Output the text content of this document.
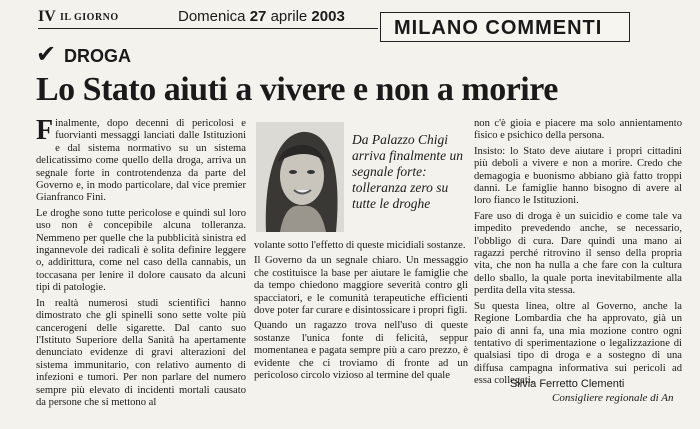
IV IL GIORNO	Domenica 27 aprile 2003
MILANO COMMENTI
✔ DROGA
Lo Stato aiuti a vivere e non a morire

Finalmente, dopo decenni di pericolosi e fuorvianti messaggi lanciati dalle Istituzioni e dal sistema normativo su un sistema delicatissimo come quello della droga, arriva un segnale forte in controtendenza da parte del Governo e, in modo particolare, dal vice premier Gianfranco Fini.

Le droghe sono tutte pericolose e quindi sul loro uso non è concepibile alcuna tolleranza. Nemmeno per quelle che la pubblicità sinistra ed ingannevole dei radicali è solita definire leggere o, addirittura, come nel caso della cannabis, un toccasana per lenire il dolore causato da alcuni tipi di patologie.

In realtà numerosi studi scientifici hanno dimostrato che gli spinelli sono sette volte più cancerogeni delle sigarette. Dal canto suo l'Istituto Superiore della Sanità ha apertamente denunciato evidenze di gravi alterazioni del sistema immunitario, con relativo aumento di infezioni e tumori. Per non parlare del numero sempre più elevato di incidenti mortali causato da persone che si mettono al

Da Palazzo Chigi arriva finalmente un segnale forte: tolleranza zero su tutte le droghe

volante sotto l'effetto di queste micidiali sostanze.

Il Governo da un segnale chiaro. Un messaggio che costituisce la base per aiutare le famiglie che da tempo chiedono maggiore severità contro gli spacciatori, e le comunità terapeutiche efficienti dove poter far curare e disintossicare i propri figli.

Quando un ragazzo trova nell'uso di queste sostanze l'unica fonte di felicità, seppur momentanea e pagata sempre più a caro prezzo, è evidente che ci troviamo di fronte ad un pericoloso circolo vizioso al termine del quale

non c'è gioia e piacere ma solo annientamento fisico e psichico della persona.

Insisto: lo Stato deve aiutare i propri cittadini più deboli a vivere e non a morire. Credo che demagogia e buonismo abbiano già fatto troppi danni. Le famiglie hanno bisogno di avere al loro fianco le Istituzioni.

Fare uso di droga è un suicidio e come tale va impedito prevedendo anche, se necessario, l'obbligo di cura. Dare quindi una mano ai ragazzi perché ritrovino il senso della propria vita, che non ha nulla a che fare con la cultura dello sballo, la quale porta inevitabilmente alla perdita della vita stessa.

Su questa linea, oltre al Governo, anche la Regione Lombardia che ha approvato, già un paio di anni fa, una mia mozione contro ogni tentativo di sperimentazione o legalizzazione di qualsiasi tipo di droga e a sostegno di una diffusa campagna informativa sui pericoli ad essa collegati.

Silvia Ferretto Clementi
Consigliere regionale di An
